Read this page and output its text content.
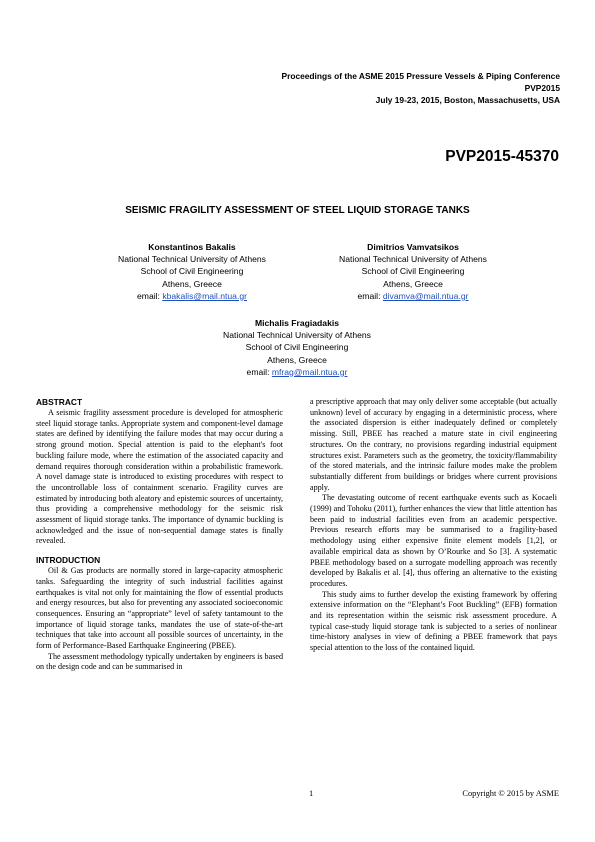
Proceedings of the ASME 2015 Pressure Vessels & Piping Conference
PVP2015
July 19-23, 2015, Boston, Massachusetts, USA
PVP2015-45370
SEISMIC FRAGILITY ASSESSMENT OF STEEL LIQUID STORAGE TANKS
Konstantinos Bakalis
National Technical University of Athens
School of Civil Engineering
Athens, Greece
email: kbakalis@mail.ntua.gr
Dimitrios Vamvatsikos
National Technical University of Athens
School of Civil Engineering
Athens, Greece
email: divamva@mail.ntua.gr
Michalis Fragiadakis
National Technical University of Athens
School of Civil Engineering
Athens, Greece
email: mfrag@mail.ntua.gr
ABSTRACT

A seismic fragility assessment procedure is developed for atmospheric steel liquid storage tanks. Appropriate system and component-level damage states are defined by identifying the failure modes that may occur during a strong ground motion. Special attention is paid to the elephant's foot buckling failure mode, where the estimation of the associated capacity and demand requires thorough consideration within a probabilistic framework. A novel damage state is introduced to existing procedures with respect to the uncontrollable loss of containment scenario. Fragility curves are estimated by introducing both aleatory and epistemic sources of uncertainty, thus providing a comprehensive methodology for the seismic risk assessment of liquid storage tanks. The importance of dynamic buckling is acknowledged and the issue of non-sequential damage states is finally revealed.

INTRODUCTION

Oil & Gas products are normally stored in large-capacity atmospheric tanks. Safeguarding the integrity of such industrial facilities against earthquakes is vital not only for maintaining the flow of essential products and energy resources, but also for preventing any associated socioeconomic consequences. Ensuring an “appropriate” level of safety tantamount to the importance of liquid storage tanks, mandates the use of state-of-the-art techniques that take into account all possible sources of uncertainty, in the form of Performance-Based Earthquake Engineering (PBEE).

The assessment methodology typically undertaken by engineers is based on the design code and can be summarised in

a prescriptive approach that may only deliver some acceptable (but actually unknown) level of accuracy by engaging in a deterministic process, where the associated dispersion is either inadequately defined or completely missing. Still, PBEE has reached a mature state in civil engineering structures. On the contrary, no provisions regarding industrial equipment structures exist. Parameters such as the geometry, the toxicity/flammability of the stored materials, and the intrinsic failure modes make the problem substantially different from buildings or bridges where current provisions apply.

The devastating outcome of recent earthquake events such as Kocaeli (1999) and Tohoku (2011), further enhances the view that little attention has been paid to industrial facilities even from an academic perspective. Previous research efforts may be summarised to a fragility-based methodology using either expensive finite element models [1,2], or available empirical data as shown by O’Rourke and So [3]. A systematic PBEE methodology based on a surrogate modelling approach was recently developed by Bakalis et al. [4], thus offering an alternative to the existing procedures.

This study aims to further develop the existing framework by offering extensive information on the “Elephant’s Foot Buckling” (EFB) formation and its representation within the seismic risk assessment procedure. A typical case-study liquid storage tank is subjected to a series of nonlinear time-history analyses in view of defining a PBEE framework that pays special attention to the loss of the contained liquid.

1	Copyright © 2015 by ASME
